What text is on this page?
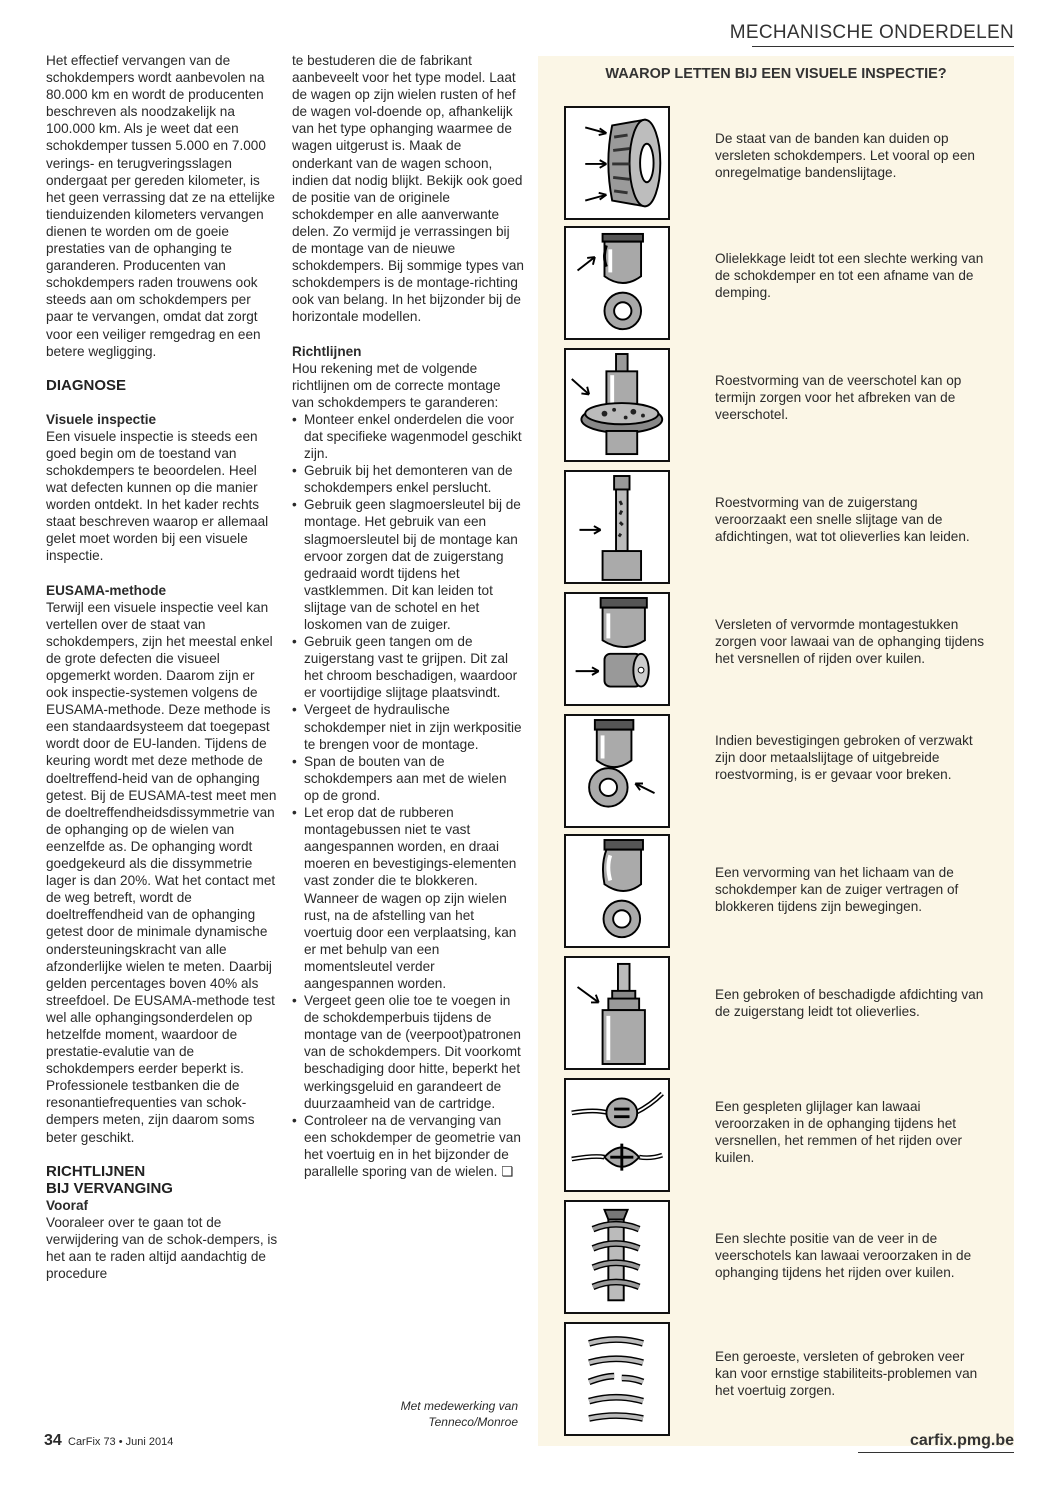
MECHANISCHE ONDERDELEN

Het effectief vervangen van de schokdempers wordt aanbevolen na 80.000 km en wordt de producenten beschreven als noodzakelijk na 100.000 km. Als je weet dat een schokdemper tussen 5.000 en 7.000 verings- en terugveringsslagen ondergaat per gereden kilometer, is het geen verrassing dat ze na ettelijke tienduizenden kilometers vervangen dienen te worden om de goeie prestaties van de ophanging te garanderen. Producenten van schokdempers raden trouwens ook steeds aan om schokdempers per paar te vervangen, omdat dat zorgt voor een veiliger remgedrag en een betere wegligging.

DIAGNOSE
Visuele inspectie

Een visuele inspectie is steeds een goed begin om de toestand van schokdempers te beoordelen. Heel wat defecten kunnen op die manier worden ontdekt. In het kader rechts staat beschreven waarop er allemaal gelet moet worden bij een visuele inspectie.

EUSAMA-methode

Terwijl een visuele inspectie veel kan vertellen over de staat van schokdempers, zijn het meestal enkel de grote defecten die visueel opgemerkt worden. Daarom zijn er ook inspectie-systemen volgens de EUSAMA-methode. Deze methode is een standaardsysteem dat toegepast wordt door de EU-landen. Tijdens de keuring wordt met deze methode de doeltreffend-heid van de ophanging getest. Bij de EUSAMA-test meet men de doeltreffendheidsdissymmetrie van de ophanging op de wielen van eenzelfde as. De ophanging wordt goedgekeurd als die dissymmetrie lager is dan 20%. Wat het contact met de weg betreft, wordt de doeltreffendheid van de ophanging getest door de minimale dynamische ondersteuningskracht van alle afzonderlijke wielen te meten. Daarbij gelden percentages boven 40% als streefdoel. De EUSAMA-methode test wel alle ophangingsonderdelen op hetzelfde moment, waardoor de prestatie-evalutie van de schokdempers eerder beperkt is. Professionele testbanken die de resonantiefrequenties van schok-dempers meten, zijn daarom soms beter geschikt.

RICHTLIJNEN
BIJ VERVANGING
Vooraf

Vooraleer over te gaan tot de verwijdering van de schok-dempers, is het aan te raden altijd aandachtig de procedure

te bestuderen die de fabrikant aanbeveelt voor het type model. Laat de wagen op zijn wielen rusten of hef de wagen vol-doende op, afhankelijk van het type ophanging waarmee de wagen uitgerust is. Maak de onderkant van de wagen schoon, indien dat nodig blijkt. Bekijk ook goed de positie van de originele schokdemper en alle aanverwante delen. Zo vermijd je verrassingen bij de montage van de nieuwe schokdempers. Bij sommige types van schokdempers is de montage-richting ook van belang. In het bijzonder bij de horizontale modellen.

Richtlijnen

Hou rekening met de volgende richtlijnen om de correcte montage van schokdempers te garanderen:

• Monteer enkel onderdelen die voor dat specifieke wagenmodel geschikt zijn.
• Gebruik bij het demonteren van de schokdempers enkel perslucht.
• Gebruik geen slagmoersleutel bij de montage. Het gebruik van een slagmoersleutel bij de montage kan ervoor zorgen dat de zuigerstang gedraaid wordt tijdens het vastklemmen. Dit kan leiden tot slijtage van de schotel en het loskomen van de zuiger.
• Gebruik geen tangen om de zuigerstang vast te grijpen. Dit zal het chroom beschadigen, waardoor er voortijdige slijtage plaatsvindt.
• Vergeet de hydraulische schokdemper niet in zijn werkpositie te brengen voor de montage.
• Span de bouten van de schokdempers aan met de wielen op de grond.
• Let erop dat de rubberen montagebussen niet te vast aangespannen worden, en draai moeren en bevestigings-elementen vast zonder die te blokkeren. Wanneer de wagen op zijn wielen rust, na de afstelling van het voertuig door een verplaatsing, kan er met behulp van een momentsleutel verder aangespannen worden.
• Vergeet geen olie toe te voegen in de schokdemperbuis tijdens de montage van de (veerpoot)patronen van de schokdempers. Dit voorkomt beschadiging door hitte, beperkt het werkingsgeluid en garandeert de duurzaamheid van de cartridge.
• Controleer na de vervanging van een schokdemper de geometrie van het voertuig en in het bijzonder de parallelle sporing van de wielen. ❏
Met medewerking van
Tenneco/Monroe
WAAROP LETTEN BIJ EEN VISUELE INSPECTIE?
De staat van de banden kan duiden op versleten schokdempers. Let vooral op een onregelmatige bandenslijtage.
Olielekkage leidt tot een slechte werking van de schokdemper en tot een afname van de demping.
Roestvorming van de veerschotel kan op termijn zorgen voor het afbreken van de veerschotel.
Roestvorming van de zuigerstang veroorzaakt een snelle slijtage van de afdichtingen, wat tot olieverlies kan leiden.
Versleten of vervormde montagestukken zorgen voor lawaai van de ophanging tijdens het versnellen of rijden over kuilen.
Indien bevestigingen gebroken of verzwakt zijn door metaalslijtage of uitgebreide roestvorming, is er gevaar voor breken.
Een vervorming van het lichaam van de schokdemper kan de zuiger vertragen of blokkeren tijdens zijn bewegingen.
Een gebroken of beschadigde afdichting van de zuigerstang leidt tot olieverlies.
Een gespleten glijlager kan lawaai veroorzaken in de ophanging tijdens het versnellen, het remmen of het rijden over kuilen.
Een slechte positie van de veer in de veerschotels kan lawaai veroorzaken in de ophanging tijdens het rijden over kuilen.
Een geroeste, versleten of gebroken veer kan voor ernstige stabiliteits-problemen van het voertuig zorgen.
34 CarFix 73 • Juni 2014	carfix.pmg.be
